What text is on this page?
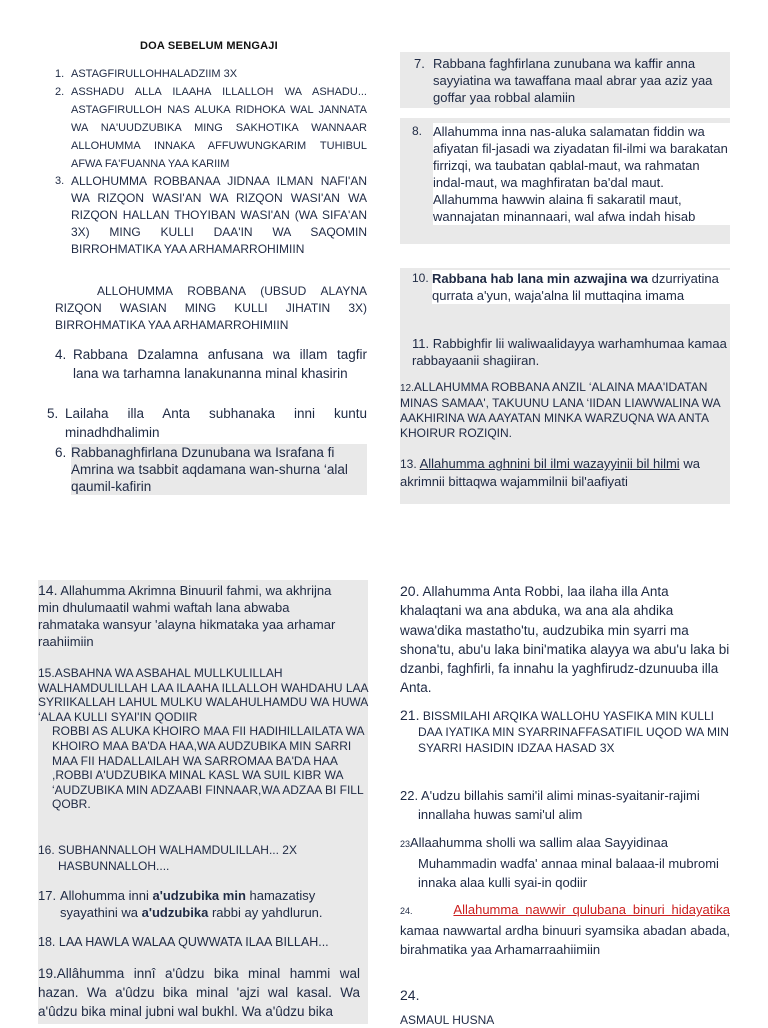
DOA SEBELUM MENGAJI
1. ASTAGFIRULLOHHALADZIIM 3X
2. ASSHADU ALLA ILAAHA ILLALLOH WA ASHADU... ASTAGFIRULLOH NAS ALUKA RIDHOKA WAL JANNATA WA NA'UUDZUBIKA MING SAKHOTIKA WANNAAR ALLOHUMMA INNAKA AFFUWUNGKARIM TUHIBUL AFWA FA'FUANNA YAA KARIIM
3. ALLOHUMMA ROBBANAA JIDNAA ILMAN NAFI'AN WA RIZQON WASI'AN WA RIZQON WASI'AN WA RIZQON HALLAN THOYIBAN WASI'AN (WA SIFA'AN 3X) MING KULLI DAA'IN WA SAQOMIN BIRROHMATIKA YAA ARHAMARROHIMIIN
ALLOHUMMA ROBBANA (UBSUD ALAYNA RIZQON WASIAN MING KULLI JIHATIN 3X) BIRROHMATIKA YAA ARHAMARROHIMIIN
4. Rabbana Dzalamna anfusana wa illam tagfir lana wa tarhamna lanakunanna minal khasirin
5. Lailaha illa Anta subhanaka inni kuntu minadhdhalimin
6. Rabbanaghfirlana Dzunubana wa Israfana fi Amrina wa tsabbit aqdamana wan-shurna ‘alal qaumil-kafirin
7. Rabbana faghfirlana zunubana wa kaffir anna sayyiatina wa tawaffana maal abrar yaa aziz yaa goffar yaa robbal alamiin
8. Allahumma inna nas-aluka salamatan fiddin wa afiyatan fil-jasadi wa ziyadatan fil-ilmi wa barakatan firrizqi, wa taubatan qablal-maut, wa rahmatan indal-maut, wa maghfiratan ba'dal maut.
Allahumma hawwin alaina fi sakaratil maut, wannajatan minannaari, wal afwa indah hisab
10. Rabbana hab lana min azwajina wa dzurriyatina qurrata a'yun, waja'alna lil muttaqina imama
11. Rabbighfir lii waliwaalidayya warhamhumaa kamaa rabbayaanii shagiiran.
12.ALLAHUMMA ROBBANA ANZIL ‘ALAINA MAA'IDATAN MINAS SAMAA', TAKUUNU LANA ‘IIDAN LIAWWALINA WA AAKHIRINA WA AAYATAN MINKA WARZUQNA WA ANTA KHOIRUR ROZIQIN.
13. Allahumma aghnini bil ilmi wazayyinii bil hilmi wa akrimnii bittaqwa wajammilnii bil'aafiyati
14. Allahumma Akrimna Binuuril fahmi, wa akhrijna min dhulumaatil wahmi waftah lana abwaba rahmataka wansyur 'alayna hikmataka yaa arhamar raahiimiin
15.ASBAHNA WA ASBAHAL MULLKULILLAH WALHAMDULILLAH LAA ILAAHA ILLALLOH WAHDAHU LAA SYRIIKALLAH LAHUL MULKU WALAHULHAMDU WA HUWA ‘ALAA KULLI SYAI'IN QODIIR
ROBBI AS ALUKA KHOIRO MAA FII HADIHILLAILATA WA KHOIRO MAA BA'DA HAA,WA AUDZUBIKA MIN SARRI MAA FII HADALLAILAH WA SARROMAA BA'DA HAA ,ROBBI A'UDZUBIKA MINAL KASL WA SUIL KIBR WA ‘AUDZUBIKA MIN ADZAABI FINNAAR,WA ADZAA BI FILL QOBR.
16. SUBHANNALLOH WALHAMDULILLAH... 2X HASBUNNALLOH....
17. Allohumma inni a'udzubika min hamazatisy syayathini wa a'udzubika rabbi ay yahdlurun.
18. LAA HAWLA WALAA QUWWATA ILAA BILLAH...
19.Allâhumma innî a'ûdzu bika minal hammi wal hazan. Wa a'ûdzu bika minal 'ajzi wal kasal. Wa a'ûdzu bika minal jubni wal bukhl. Wa a'ûdzu bika
20. Allahumma Anta Robbi, laa ilaha illa Anta khalaqtani wa ana abduka, wa ana ala ahdika wawa'dika mastatho'tu, audzubika min syarri ma shona'tu, abu'u laka bini'matika alayya wa abu'u laka bi dzanbi, faghfirli, fa innahu la yaghfirudz-dzunuuba illa Anta.
21. BISSMILAHI ARQIKA WALLOHU YASFIKA MIN KULLI DAA IYATIKA MIN SYARRINAFFASATIFIL UQOD WA MIN SYARRI HASIDIN IDZAA HASAD 3X
22. A'udzu billahis sami'il alimi minas-syaitanir-rajimi innallaha huwas sami'ul alim
23Allaahumma sholli wa sallim alaa Sayyidinaa Muhammadin wadfa' annaa minal balaaa-il mubromi innaka alaa kulli syai-in qodiir
24.	Allahumma nawwir qulubana binuri hidayatika kamaa nawwartal ardha binuuri syamsika abadan abada, birahmatika yaa Arhamarraahiimiin
24.
ASMAUL HUSNA
